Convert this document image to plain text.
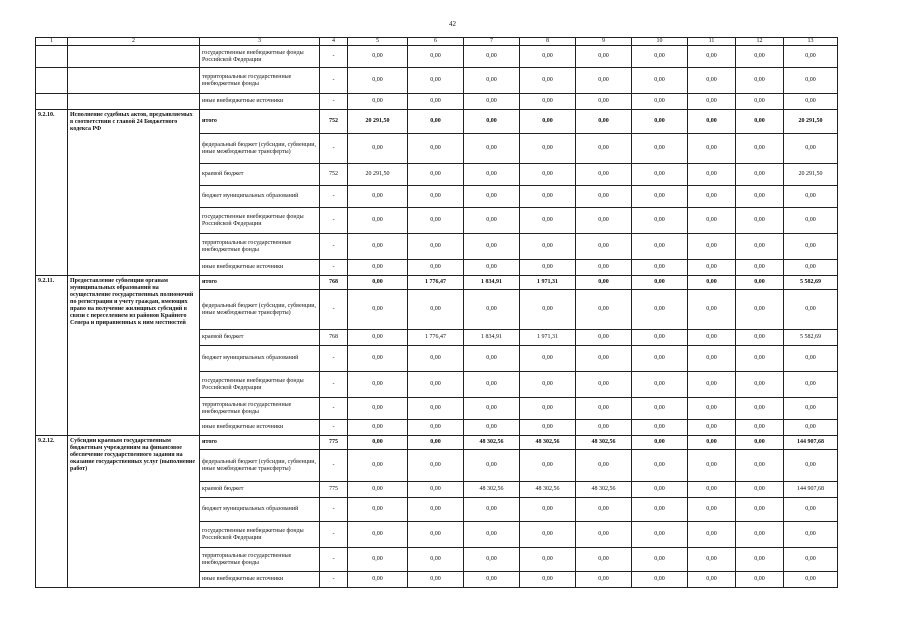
42
1	2	3	4	5	6	7	8	9	10	11	12	13
		государственные внебюджетные фонды Российской Федерации	-	0,00	0,00	0,00	0,00	0,00	0,00	0,00	0,00	0,00
		территориальные государственные внебюджетные фонды	-	0,00	0,00	0,00	0,00	0,00	0,00	0,00	0,00	0,00
		иные внебюджетные источники	-	0,00	0,00	0,00	0,00	0,00	0,00	0,00	0,00	0,00
9.2.10.	Исполнение судебных актов, предъявляемых в соответствии с главой 24 Бюджетного кодекса РФ	итого	752	20 291,50	0,00	0,00	0,00	0,00	0,00	0,00	0,00	20 291,50
		федеральный бюджет (субсидии, субвенции, иные межбюджетные трансферты)	-	0,00	0,00	0,00	0,00	0,00	0,00	0,00	0,00	0,00
		краевой бюджет	752	20 291,50	0,00	0,00	0,00	0,00	0,00	0,00	0,00	20 291,50
		бюджет муниципальных образований	-	0,00	0,00	0,00	0,00	0,00	0,00	0,00	0,00	0,00
		государственные внебюджетные фонды Российской Федерации	-	0,00	0,00	0,00	0,00	0,00	0,00	0,00	0,00	0,00
		территориальные государственные внебюджетные фонды	-	0,00	0,00	0,00	0,00	0,00	0,00	0,00	0,00	0,00
		иные внебюджетные источники	-	0,00	0,00	0,00	0,00	0,00	0,00	0,00	0,00	0,00
9.2.11.	Предоставление субвенции органам муниципальных образований на осуществление государственных полномочий по регистрации и учету граждан, имеющих право на получение жилищных субсидий в связи с переселением из районов Крайнего Севера и приравненных к ним местностей	итого	768	0,00	1 776,47	1 834,91	1 971,31	0,00	0,00	0,00	0,00	5 582,69
		федеральный бюджет (субсидии, субвенции, иные межбюджетные трансферты)	-	0,00	0,00	0,00	0,00	0,00	0,00	0,00	0,00	0,00
		краевой бюджет	768	0,00	1 776,47	1 834,91	1 971,31	0,00	0,00	0,00	0,00	5 582,69
		бюджет муниципальных образований	-	0,00	0,00	0,00	0,00	0,00	0,00	0,00	0,00	0,00
		государственные внебюджетные фонды Российской Федерации	-	0,00	0,00	0,00	0,00	0,00	0,00	0,00	0,00	0,00
		территориальные государственные внебюджетные фонды	-	0,00	0,00	0,00	0,00	0,00	0,00	0,00	0,00	0,00
		иные внебюджетные источники	-	0,00	0,00	0,00	0,00	0,00	0,00	0,00	0,00	0,00
9.2.12.	Субсидии краевым государственным бюджетным учреждениям на финансовое обеспечение государственного задания на оказание государственных услуг (выполнение работ)	итого	775	0,00	0,00	48 302,56	48 302,56	48 302,56	0,00	0,00	0,00	144 907,68
		федеральный бюджет (субсидии, субвенции, иные межбюджетные трансферты)	-	0,00	0,00	0,00	0,00	0,00	0,00	0,00	0,00	0,00
		краевой бюджет	775	0,00	0,00	48 302,56	48 302,56	48 302,56	0,00	0,00	0,00	144 907,68
		бюджет муниципальных образований	-	0,00	0,00	0,00	0,00	0,00	0,00	0,00	0,00	0,00
		государственные внебюджетные фонды Российской Федерации	-	0,00	0,00	0,00	0,00	0,00	0,00	0,00	0,00	0,00
		территориальные государственные внебюджетные фонды	-	0,00	0,00	0,00	0,00	0,00	0,00	0,00	0,00	0,00
		иные внебюджетные источники	-	0,00	0,00	0,00	0,00	0,00	0,00	0,00	0,00	0,00
